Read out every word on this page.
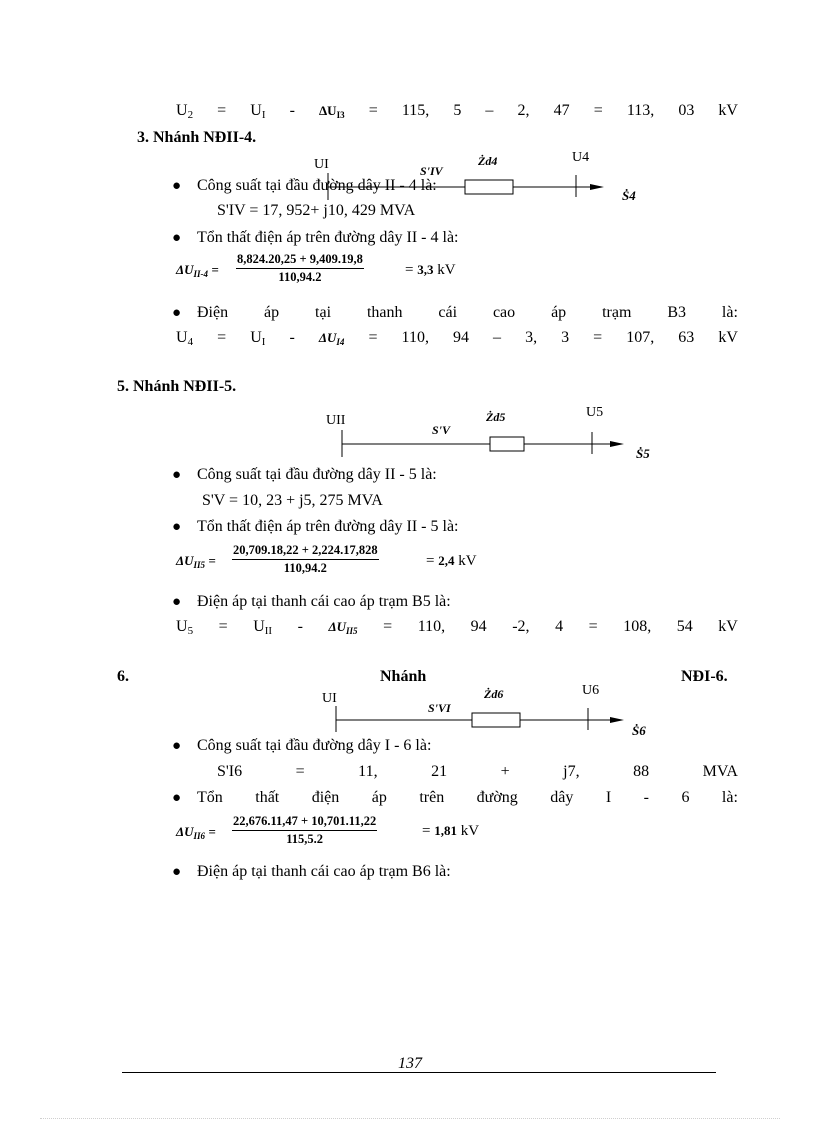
$U_2 = U_I - \Delta U_{I3} = 115$, 5 – 2, 47 = 113, 03 kV
3. Nhánh NĐII-4.
UI	S'IV
Żd4	U4
Ṡ4
● Công suất tại đầu đường dây II - 4 là:
S'IV = 17, 952+ j10, 429 MVA
● Tổn thất điện áp trên đường dây II - 4 là:
$\Delta U_{II-4} = \frac{8,824.20,25 + 9,409.19,8}{110,94.2}$	= 3,3 kV
● Điện áp tại thanh cái cao áp trạm B3 là:
$U_4 = U_I - \Delta U_{I4} = 110$, 94 – 3, 3 = 107, 63 kV
5. Nhánh NĐII-5.
UII
S'V
Żd5	U5
Ṡ5
● Công suất tại đầu đường dây II - 5 là:
S'V = 10, 23 + j5, 275 MVA
● Tổn thất điện áp trên đường dây II - 5 là:
$\Delta U_{II5} = \frac{20,709.18,22 + 2,224.17,828}{110,94.2}$	= 2,4 kV
● Điện áp tại thanh cái cao áp trạm B5 là:
$U_5 = U_{II} - \Delta U_{II5} = 110$, 94 -2, 4 = 108, 54 kV
6.	Nhánh	NĐI-6.
UI
S'VI
Żd6	U6
Ṡ6
● Công suất tại đầu đường dây I - 6 là:
S'I6	=	11,	21	+	j7,	88	MVA
● Tổn thất điện áp trên đường dây I - 6 là:
$\Delta U_{II6} = \frac{22,676.11,47 + 10,701.11,22}{115,5.2}$	= 1,81 kV
● Điện áp tại thanh cái cao áp trạm B6 là:
137
